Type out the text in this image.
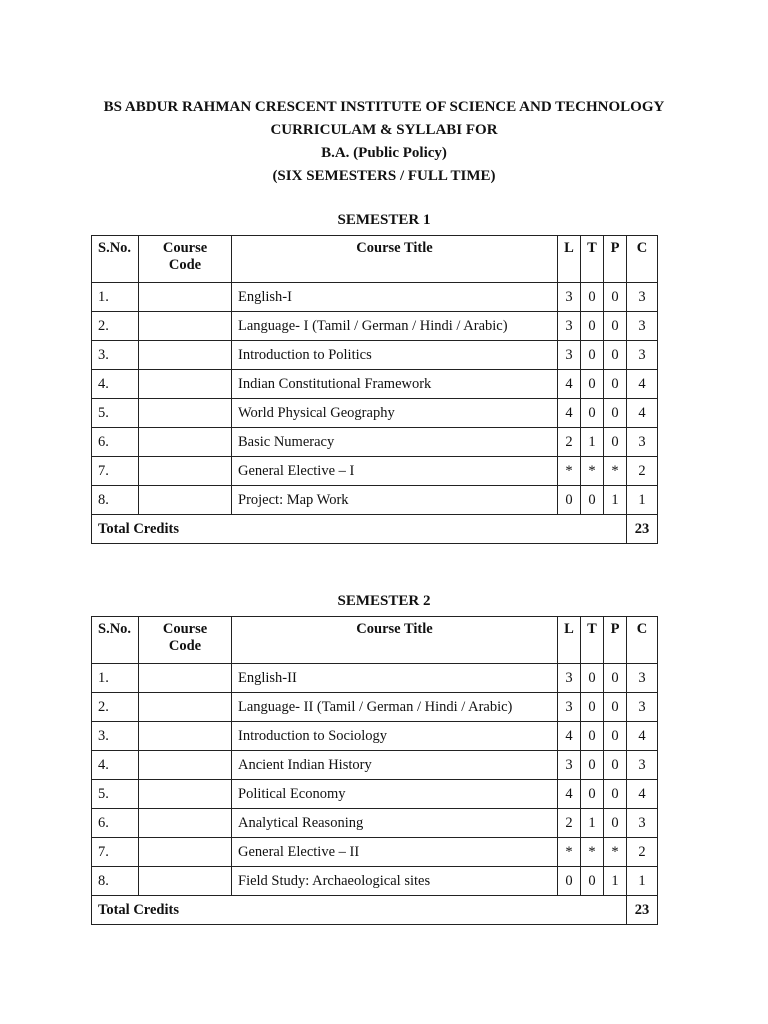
BS ABDUR RAHMAN CRESCENT INSTITUTE OF SCIENCE AND TECHNOLOGY
CURRICULAM & SYLLABI FOR
B.A. (Public Policy)
(SIX SEMESTERS / FULL TIME)
SEMESTER 1
S.No.	Course Code	Course Title	L	T	P	C
1.		English-I	3	0	0	3
2.		Language- I (Tamil / German / Hindi / Arabic)	3	0	0	3
3.		Introduction to Politics	3	0	0	3
4.		Indian Constitutional Framework	4	0	0	4
5.		World Physical Geography	4	0	0	4
6.		Basic Numeracy	2	1	0	3
7.		General Elective – I	*	*	*	2
8.		Project: Map Work	0	0	1	1
Total Credits						23
SEMESTER 2
S.No.	Course Code	Course Title	L	T	P	C
1.		English-II	3	0	0	3
2.		Language- II (Tamil / German / Hindi / Arabic)	3	0	0	3
3.		Introduction to Sociology	4	0	0	4
4.		Ancient Indian History	3	0	0	3
5.		Political Economy	4	0	0	4
6.		Analytical Reasoning	2	1	0	3
7.		General Elective – II	*	*	*	2
8.		Field Study: Archaeological sites	0	0	1	1
Total Credits						23
